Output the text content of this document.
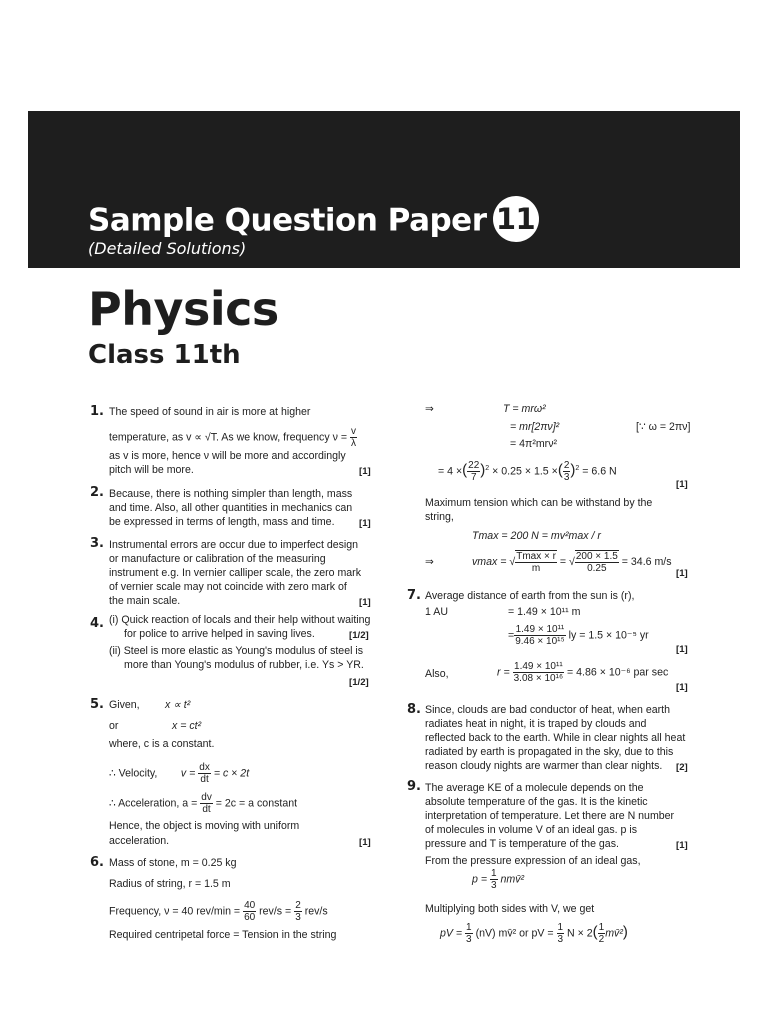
Sample Question Paper 11
(Detailed Solutions)
Physics
Class 11th
1. The speed of sound in air is more at higher
temperature, as v ∝ √T. As we know, frequency $\nu = \frac{v}{\lambda}$
as v is more, hence ν will be more and accordingly
pitch will be more.	[1]
2. Because, there is nothing simpler than length, mass
and time. Also, all other quantities in mechanics can
be expressed in terms of length, mass and time.	[1]
3. Instrumental errors are occur due to imperfect design
or manufacture or calibration of the measuring
instrument e.g. In vernier calliper scale, the zero mark
of vernier scale may not coincide with zero mark of
the main scale.	[1]
4. (i) Quick reaction of locals and their help without waiting
for police to arrive helped in saving lives.	[1/2]
(ii) Steel is more elastic as Young's modulus of steel is
more than Young's modulus of rubber, i.e. Ys > YR.
[1/2]
5. Given, x ∝ t²
or	x = ct²
where, c is a constant.
∴ Velocity, $v = \frac{dx}{dt} = c \times 2t$
∴ Acceleration, $a = \frac{dv}{dt} = 2c = a$ constant
Hence, the object is moving with uniform
acceleration.	[1]
6. Mass of stone, m = 0.25 kg
Radius of string, r = 1.5 m
Frequency, ν = 40 $rev/\min = \frac{40}{60} rev/s = \frac{2}{3} rev/s$
Required centripetal force = Tension in the string
⇒	T = mrω²
= mr[2πν]²	[∵ ω = 2πν]
= 4π²mrν²
= 4 ×( $\frac{22}{7} )^2 \times 0.25 \times 1.5$ ×( $\frac{2}{3} )^2 = 6.6$ N
[1]
Maximum tension which can be withstand by the
string,
Tmax = 200 N = mv²max / r
⇒	vmax = √ $\frac{Tmax \times r}{m}$ = √ $\frac{200 \times 1.5}{0.25} = 34.6$ m/s
[1]
7. Average distance of earth from the sun is (r),
1 AU	= 1.49 × 10¹¹ m
= $\frac{\text{1.49 × 10¹¹}}{\text{9.46 × 10¹⁵}}$ ly = 1.5 × 10⁻⁵ yr
[1]
Also,	$r = \frac{\text{1.49 × 10¹¹}}{\text{3.08 × 10¹⁶}} = 4.86 \times 10^{-6}$ par sec
[1]
8. Since, clouds are bad conductor of heat, when earth
radiates heat in night, it is traped by clouds and
reflected back to the earth. While in clear nights all heat
radiated by earth is propagated in the sky, due to this
reason cloudy nights are warmer than clear nights. [2]
9. The average KE of a molecule depends on the
absolute temperature of the gas. It is the kinetic
interpretation of temperature. Let there are N number
of molecules in volume V of an ideal gas. p is
pressure and T is temperature of the gas.	[1]
From the pressure expression of an ideal gas,
$p = \frac{1}{3}$ nmv̄²
Multiplying both sides with V, we get
pV = $\frac{1}{3} (nV)$ mv̄² or pV = $\frac{1}{3}$ $N \times 2( \frac{1}{2}$ mv̄²)
